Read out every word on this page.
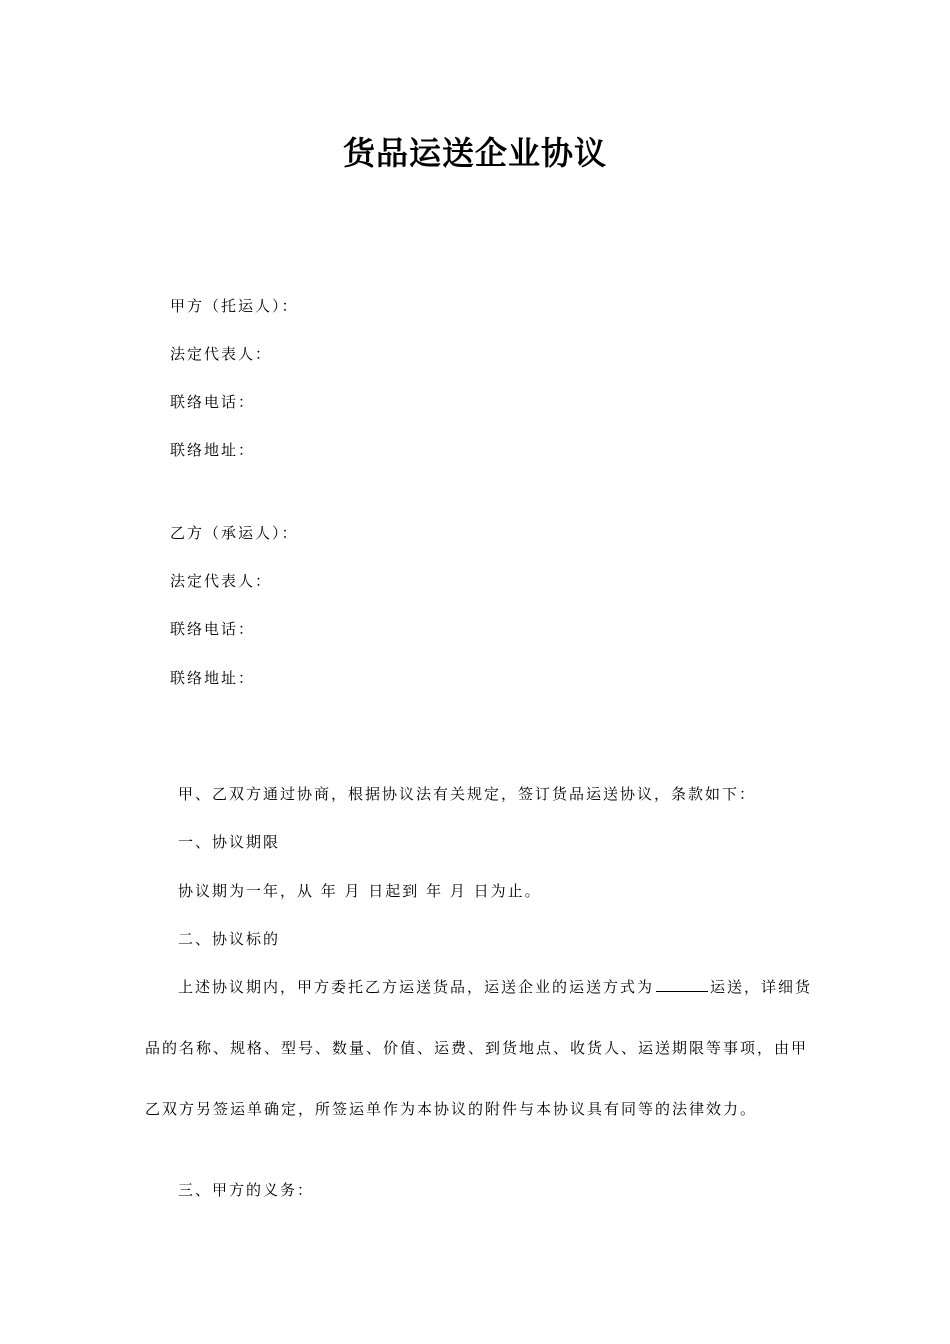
货品运送企业协议
甲方（托运人）：
法定代表人：
联络电话：
联络地址：
乙方（承运人）：
法定代表人：
联络电话：
联络地址：
甲、乙双方通过协商，根据协议法有关规定，签订货品运送协议，条款如下：
一、协议期限
协议期为一年，从 年 月 日起到 年 月 日为止。
二、协议标的
上述协议期内，甲方委托乙方运送货品，运送企业的运送方式为	运送，详细货
品的名称、规格、型号、数量、价值、运费、到货地点、收货人、运送期限等事项，由甲
乙双方另签运单确定，所签运单作为本协议的附件与本协议具有同等的法律效力。
三、甲方的义务：
